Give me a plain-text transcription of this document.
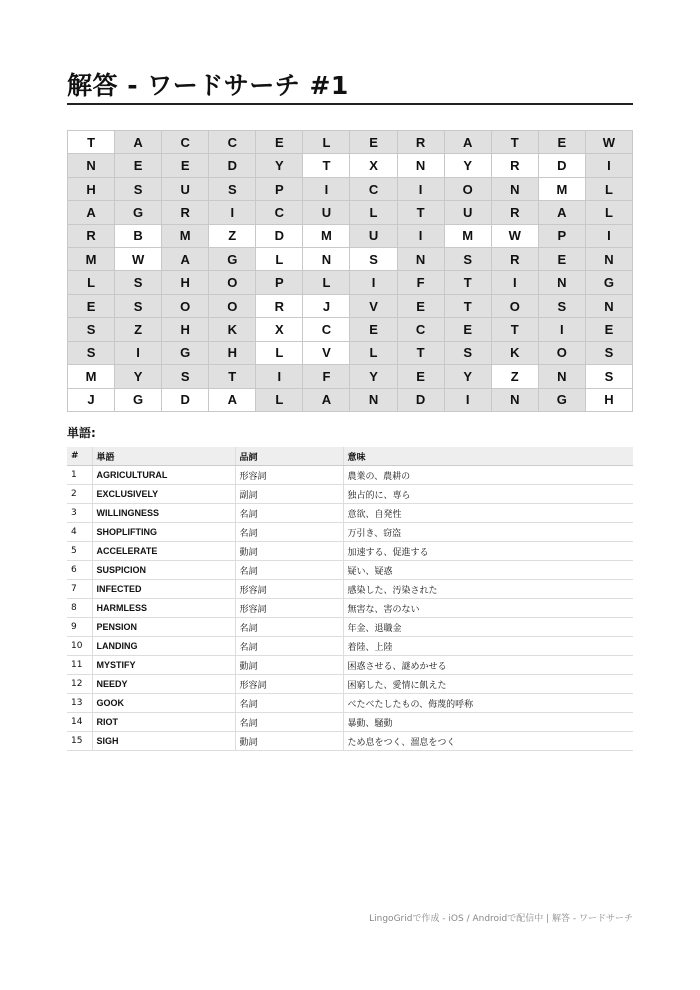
解答 - ワードサーチ #1
T	A	C	C	E	L	E	R	A	T	E	W
N	E	E	D	Y	T	X	N	Y	R	D	I
H	S	U	S	P	I	C	I	O	N	M	L
A	G	R	I	C	U	L	T	U	R	A	L
R	B	M	Z	D	M	U	I	M	W	P	I
M	W	A	G	L	N	S	N	S	R	E	N
L	S	H	O	P	L	I	F	T	I	N	G
E	S	O	O	R	J	V	E	T	O	S	N
S	Z	H	K	X	C	E	C	E	T	I	E
S	I	G	H	L	V	L	T	S	K	O	S
M	Y	S	T	I	F	Y	E	Y	Z	N	S
J	G	D	A	L	A	N	D	I	N	G	H
単語:
#	単語	品詞	意味
1	AGRICULTURAL	形容詞	農業の、農耕の
2	EXCLUSIVELY	副詞	独占的に、専ら
3	WILLINGNESS	名詞	意欲、自発性
4	SHOPLIFTING	名詞	万引き、窃盗
5	ACCELERATE	動詞	加速する、促進する
6	SUSPICION	名詞	疑い、疑惑
7	INFECTED	形容詞	感染した、汚染された
8	HARMLESS	形容詞	無害な、害のない
9	PENSION	名詞	年金、退職金
10	LANDING	名詞	着陸、上陸
11	MYSTIFY	動詞	困惑させる、謎めかせる
12	NEEDY	形容詞	困窮した、愛情に飢えた
13	GOOK	名詞	べたべたしたもの、侮蔑的呼称
14	RIOT	名詞	暴動、騒動
15	SIGH	動詞	ため息をつく、溜息をつく
LingoGridで作成 - iOS / Androidで配信中 | 解答 - ワードサーチ
